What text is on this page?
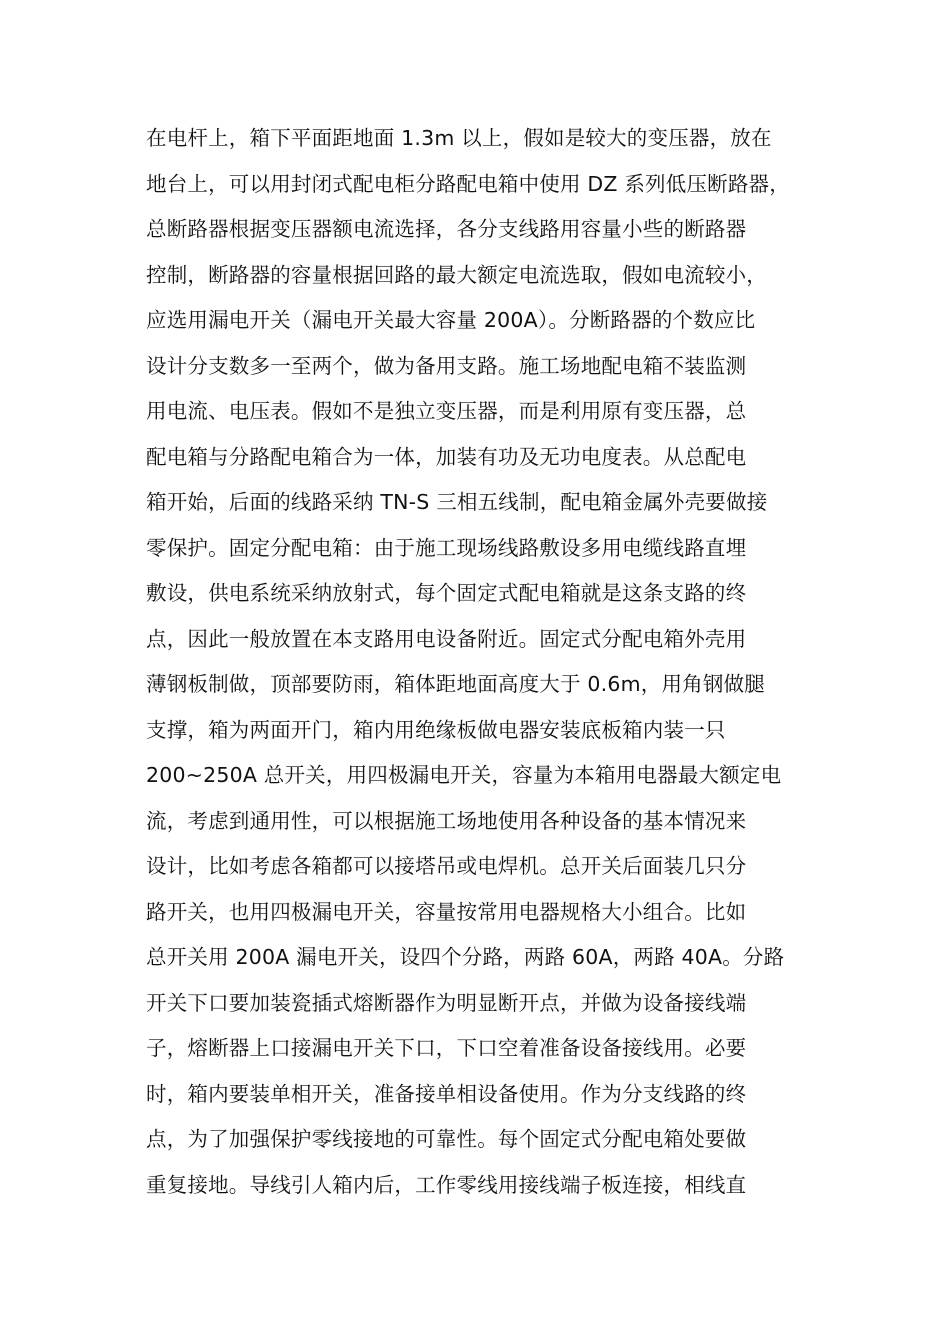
在电杆上，箱下平面距地面 1.3m 以上，假如是较大的变压器，放在
地台上，可以用封闭式配电柜分路配电箱中使用 DZ 系列低压断路器，
总断路器根据变压器额电流选择，各分支线路用容量小些的断路器
控制，断路器的容量根据回路的最大额定电流选取，假如电流较小，
应选用漏电开关（漏电开关最大容量 200A）。分断路器的个数应比
设计分支数多一至两个，做为备用支路。施工场地配电箱不装监测
用电流、电压表。假如不是独立变压器，而是利用原有变压器，总
配电箱与分路配电箱合为一体，加装有功及无功电度表。从总配电
箱开始，后面的线路采纳 TN-S 三相五线制，配电箱金属外壳要做接
零保护。固定分配电箱：由于施工现场线路敷设多用电缆线路直埋
敷设，供电系统采纳放射式，每个固定式配电箱就是这条支路的终
点，因此一般放置在本支路用电设备附近。固定式分配电箱外壳用
薄钢板制做，顶部要防雨，箱体距地面高度大于 0.6m，用角钢做腿
支撑，箱为两面开门，箱内用绝缘板做电器安装底板箱内装一只
200~250A 总开关，用四极漏电开关，容量为本箱用电器最大额定电
流，考虑到通用性，可以根据施工场地使用各种设备的基本情况来
设计，比如考虑各箱都可以接塔吊或电焊机。总开关后面装几只分
路开关，也用四极漏电开关，容量按常用电器规格大小组合。比如
总开关用 200A 漏电开关，设四个分路，两路 60A，两路 40A。分路
开关下口要加装瓷插式熔断器作为明显断开点，并做为设备接线端
子，熔断器上口接漏电开关下口，下口空着准备设备接线用。必要
时，箱内要装单相开关，准备接单相设备使用。作为分支线路的终
点，为了加强保护零线接地的可靠性。每个固定式分配电箱处要做
重复接地。导线引人箱内后，工作零线用接线端子板连接，相线直
